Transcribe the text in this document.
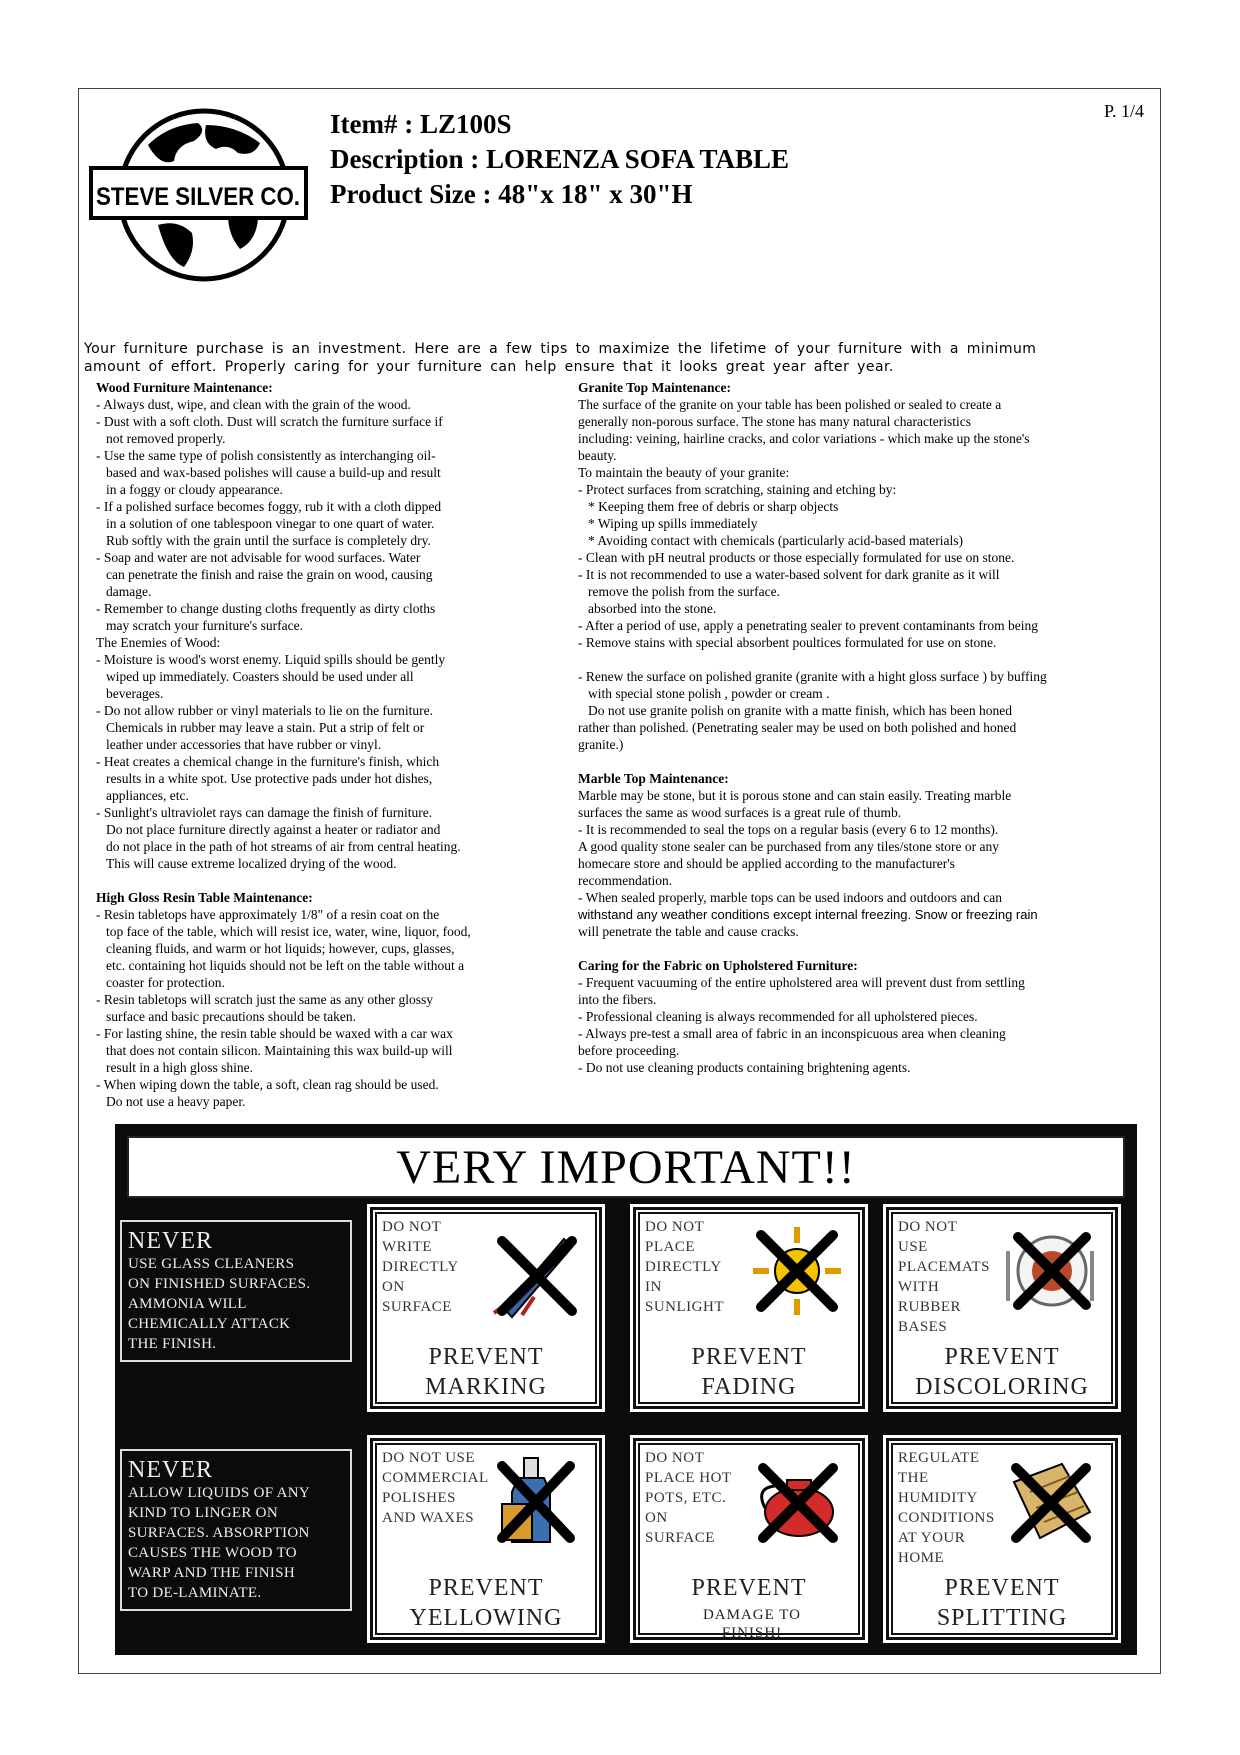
P. 1/4
STEVE SILVER CO.
Item# : LZ100S
Description : LORENZA SOFA TABLE
Product Size : 48"x 18" x 30"H
Your furniture purchase is an investment. Here are a few tips to maximize the lifetime of your furniture with a minimum
amount of effort. Properly caring for your furniture can help ensure that it looks great year after year.
Wood Furniture Maintenance:
- Always dust, wipe, and clean with the grain of the wood.
- Dust with a soft cloth. Dust will scratch the furniture surface if
not removed properly.
- Use the same type of polish consistently as interchanging oil-
based and wax-based polishes will cause a build-up and result
in a foggy or cloudy appearance.
- If a polished surface becomes foggy, rub it with a cloth dipped
in a solution of one tablespoon vinegar to one quart of water.
Rub softly with the grain until the surface is completely dry.
- Soap and water are not advisable for wood surfaces. Water
can penetrate the finish and raise the grain on wood, causing
damage.
- Remember to change dusting cloths frequently as dirty cloths
may scratch your furniture's surface.
The Enemies of Wood:
- Moisture is wood's worst enemy. Liquid spills should be gently
wiped up immediately. Coasters should be used under all
beverages.
- Do not allow rubber or vinyl materials to lie on the furniture.
Chemicals in rubber may leave a stain. Put a strip of felt or
leather under accessories that have rubber or vinyl.
- Heat creates a chemical change in the furniture's finish, which
results in a white spot. Use protective pads under hot dishes,
appliances, etc.
- Sunlight's ultraviolet rays can damage the finish of furniture.
Do not place furniture directly against a heater or radiator and
do not place in the path of hot streams of air from central heating.
This will cause extreme localized drying of the wood.
High Gloss Resin Table Maintenance:
- Resin tabletops have approximately 1/8" of a resin coat on the
top face of the table, which will resist ice, water, wine, liquor, food,
cleaning fluids, and warm or hot liquids; however, cups, glasses,
etc. containing hot liquids should not be left on the table without a
coaster for protection.
- Resin tabletops will scratch just the same as any other glossy
surface and basic precautions should be taken.
- For lasting shine, the resin table should be waxed with a car wax
that does not contain silicon. Maintaining this wax build-up will
result in a high gloss shine.
- When wiping down the table, a soft, clean rag should be used.
Do not use a heavy paper.
Granite Top Maintenance:
The surface of the granite on your table has been polished or sealed to create a
generally non-porous surface. The stone has many natural characteristics
including: veining, hairline cracks, and color variations - which make up the stone's
beauty.
To maintain the beauty of your granite:
- Protect surfaces from scratching, staining and etching by:
* Keeping them free of debris or sharp objects
* Wiping up spills immediately
* Avoiding contact with chemicals (particularly acid-based materials)
- Clean with pH neutral products or those especially formulated for use on stone.
- It is not recommended to use a water-based solvent for dark granite as it will
remove the polish from the surface.
absorbed into the stone.
- After a period of use, apply a penetrating sealer to prevent contaminants from being
- Remove stains with special absorbent poultices formulated for use on stone.
- Renew the surface on polished granite (granite with a hight gloss surface ) by buffing
with special stone polish , powder or cream .
Do not use granite polish on granite with a matte finish, which has been honed
rather than polished. (Penetrating sealer may be used on both polished and honed
granite.)
Marble Top Maintenance:
Marble may be stone, but it is porous stone and can stain easily. Treating marble
surfaces the same as wood surfaces is a great rule of thumb.
- It is recommended to seal the tops on a regular basis (every 6 to 12 months).
A good quality stone sealer can be purchased from any tiles/stone store or any
homecare store and should be applied according to the manufacturer's
recommendation.
- When sealed properly, marble tops can be used indoors and outdoors and can
withstand any weather conditions except internal freezing. Snow or freezing rain
will penetrate the table and cause cracks.
Caring for the Fabric on Upholstered Furniture:
- Frequent vacuuming of the entire upholstered area will prevent dust from settling
into the fibers.
- Professional cleaning is always recommended for all upholstered pieces.
- Always pre-test a small area of fabric in an inconspicuous area when cleaning
before proceeding.
- Do not use cleaning products containing brightening agents.
VERY IMPORTANT!!
NEVER
USE GLASS CLEANERS
ON FINISHED SURFACES.
AMMONIA WILL
CHEMICALLY ATTACK
THE FINISH.
NEVER
ALLOW LIQUIDS OF ANY
KIND TO LINGER ON
SURFACES. ABSORPTION
CAUSES THE WOOD TO
WARP AND THE FINISH
TO DE-LAMINATE.
DO NOT
WRITE
DIRECTLY
ON
SURFACE
PREVENT
MARKING
DO NOT
PLACE
DIRECTLY
IN
SUNLIGHT
PREVENT
FADING
DO NOT
USE
PLACEMATS
WITH
RUBBER
BASES
PREVENT
DISCOLORING
DO NOT USE
COMMERCIAL
POLISHES
AND WAXES
PREVENT
YELLOWING
DO NOT
PLACE HOT
POTS, ETC.
ON
SURFACE
PREVENT
DAMAGE TO FINISH!
REGULATE
THE
HUMIDITY
CONDITIONS
AT YOUR
HOME
PREVENT
SPLITTING
